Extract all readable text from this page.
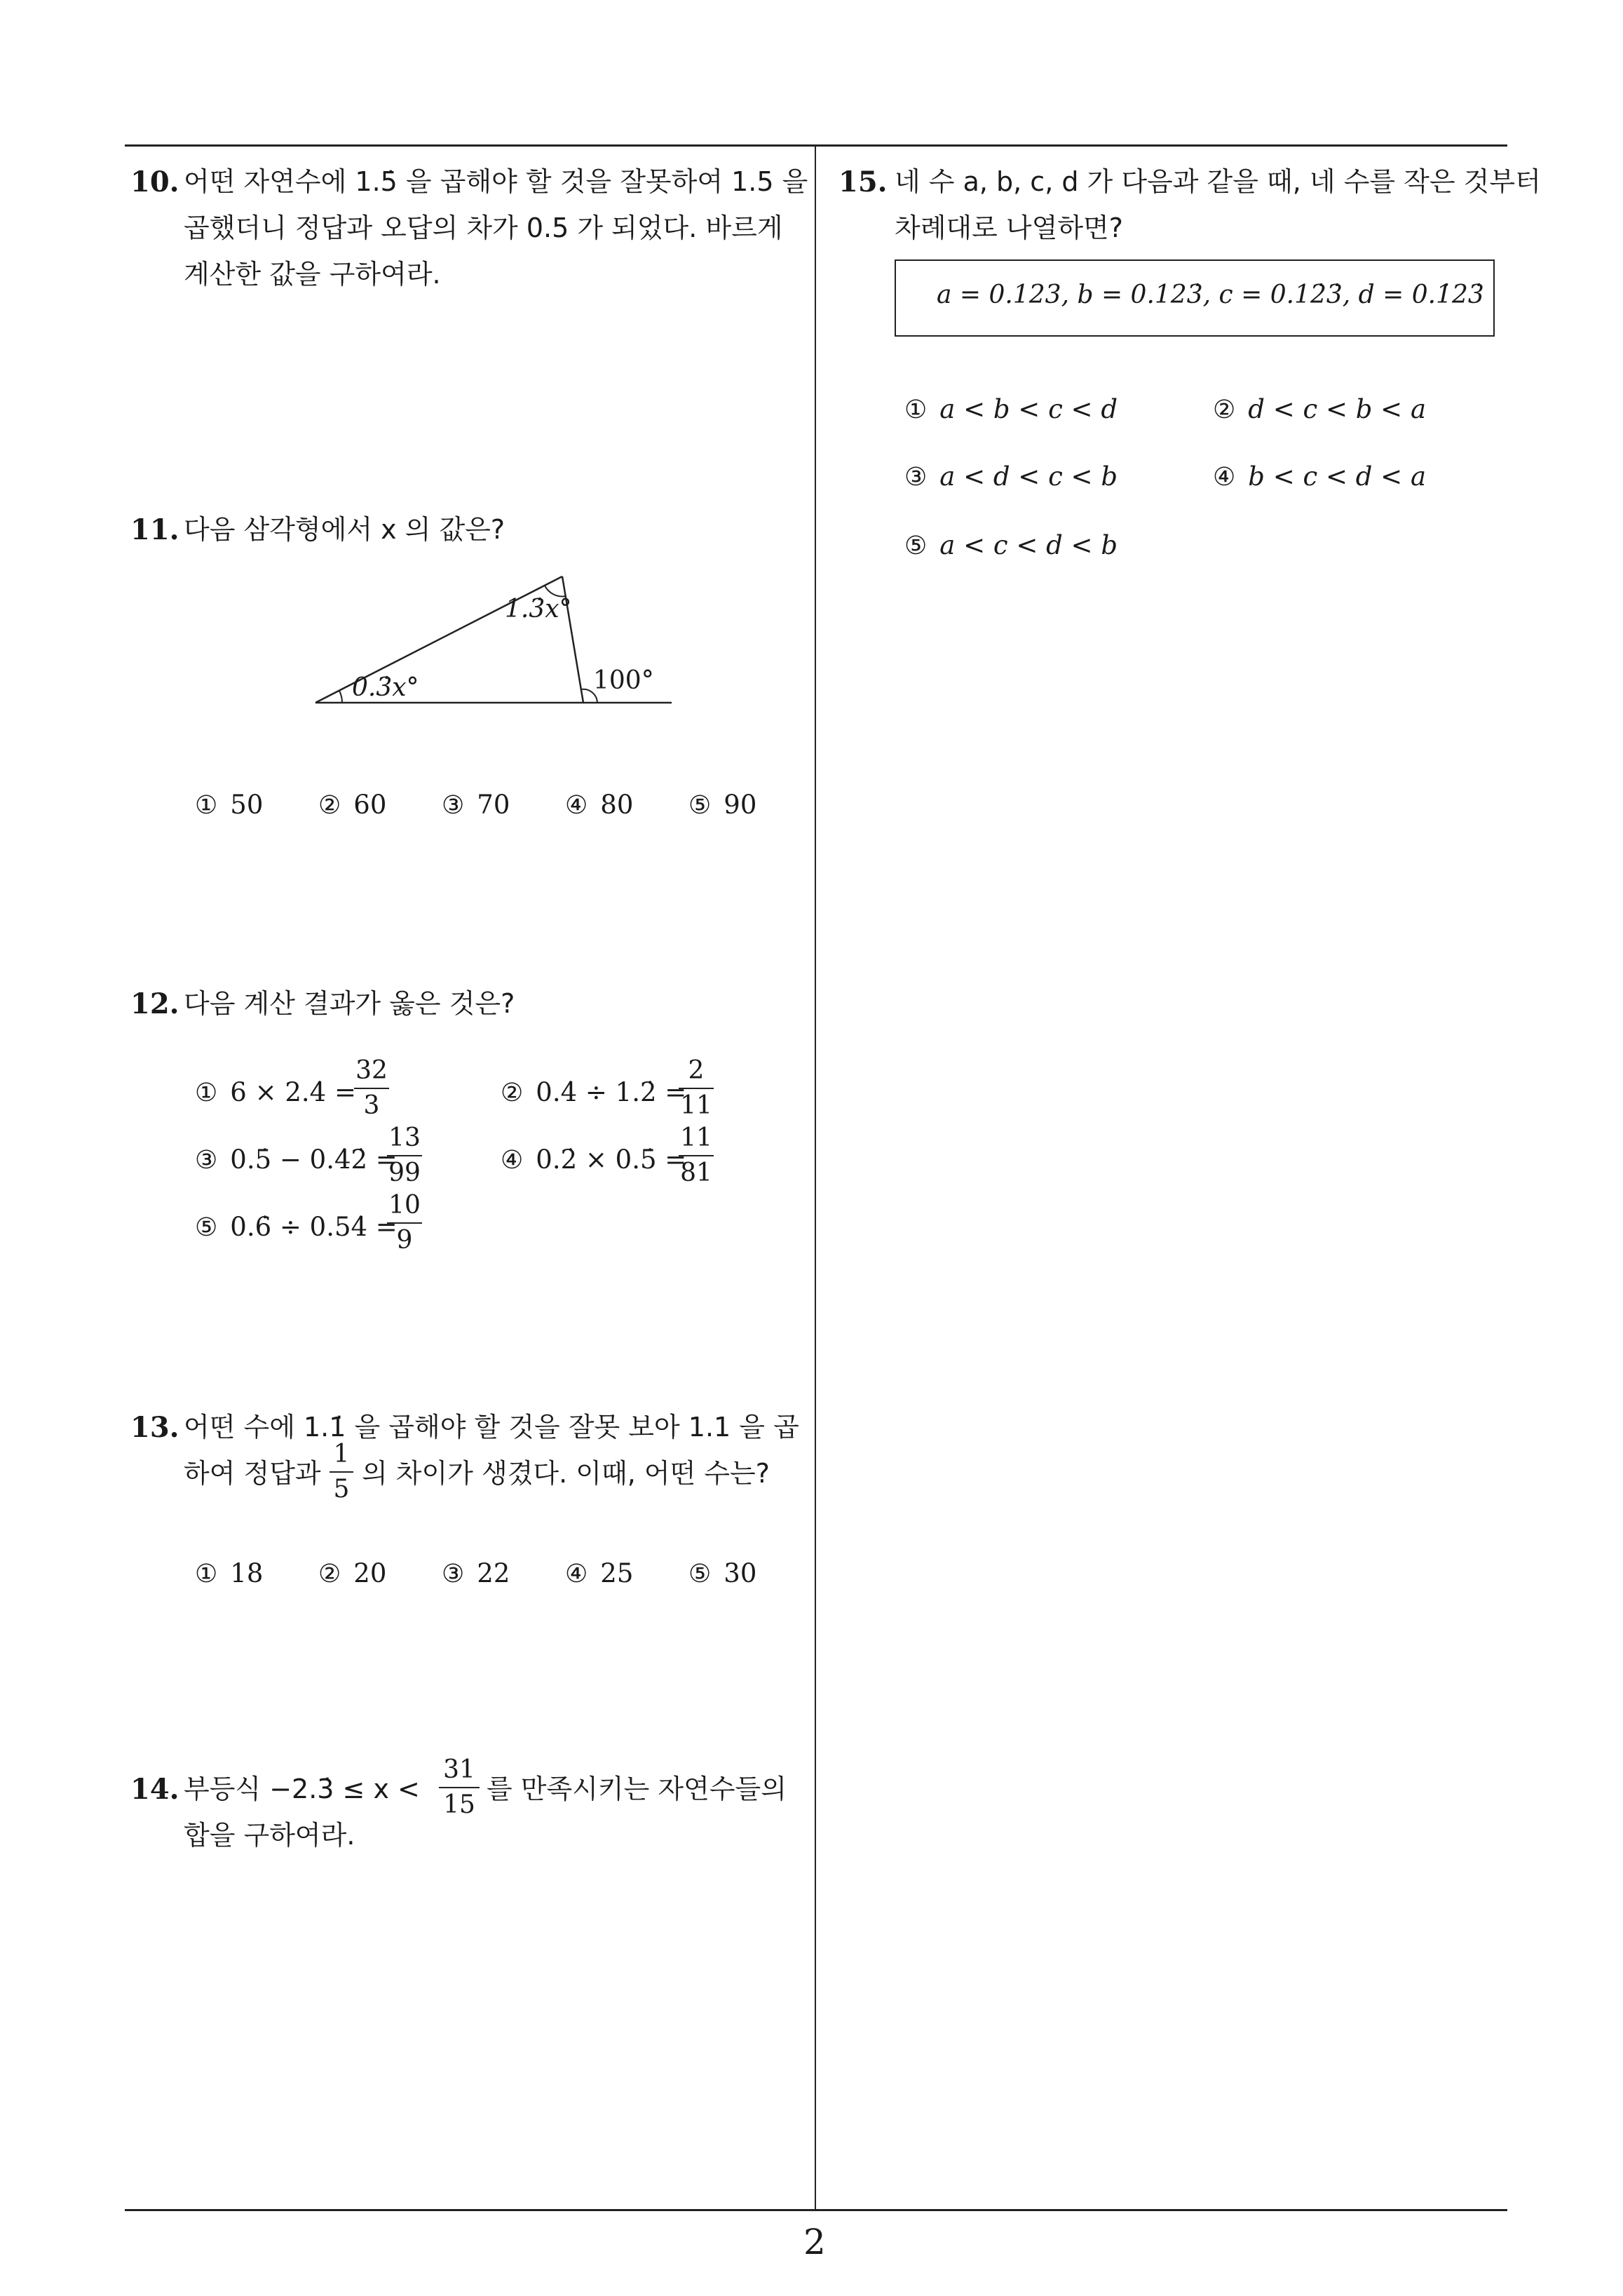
10. 어떤 자연수에 1.5̇ 을 곱해야 할 것을 잘못하여 1.5 을
곱했더니 정답과 오답의 차가 0.5 가 되었다. 바르게
계산한 값을 구하여라.
11. 다음 삼각형에서 x 의 값은?
1.3̇x°
0.3̇x°	100°
① 50 ② 60 ③ 70 ④ 80 ⑤ 90
12. 다음 계산 결과가 옳은 것은?
① 6 × 2.4̇ =
32
3	② 0.4̇ ÷ 1.2̇ =
2
11
③ 0.5̇ − 0.4̇2̇ =
13
99	④ 0.2̇ × 0.5̇ =
11
81
⑤ 0.6̇ ÷ 0.54̇ =
10
9
13. 어떤 수에 1.1̇ 을 곱해야 할 것을 잘못 보아 1.1 을 곱
하여 정답과
1
5
의 차이가 생겼다. 이때, 어떤 수는?
① 18 ② 20 ③ 22 ④ 25 ⑤ 30
14. 부등식 −2.3̇ ≤ x <
31
15
를 만족시키는 자연수들의
합을 구하여라.
15. 네 수 a, b, c, d 가 다음과 같을 때, 네 수를 작은 것부터
차례대로 나열하면?
a = 0.123, b = 0.123̇, c = 0.12̇3̇, d = 0.1̇23̇
① a < b < c < d	② d < c < b < a
③ a < d < c < b	④ b < c < d < a
⑤ a < c < d < b
2
